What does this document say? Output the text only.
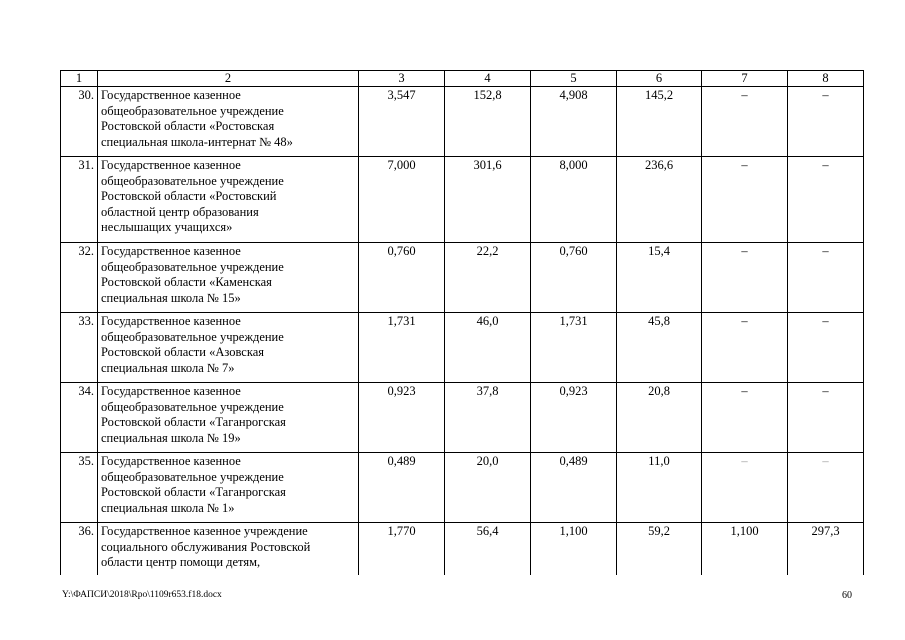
1	2	3	4	5	6	7	8
30.	Государственное казенное
общеобразовательное учреждение
Ростовской области «Ростовская
специальная школа-интернат № 48»	3,547	152,8	4,908	145,2	–	–
31.	Государственное казенное
общеобразовательное учреждение
Ростовской области «Ростовский
областной центр образования
неслышащих учащихся»	7,000	301,6	8,000	236,6	–	–
32.	Государственное казенное
общеобразовательное учреждение
Ростовской области «Каменская
специальная школа № 15»	0,760	22,2	0,760	15,4	–	–
33.	Государственное казенное
общеобразовательное учреждение
Ростовской области «Азовская
специальная школа № 7»	1,731	46,0	1,731	45,8	–	–
34.	Государственное казенное
общеобразовательное учреждение
Ростовской области «Таганрогская
специальная школа № 19»	0,923	37,8	0,923	20,8	–	–
35.	Государственное казенное
общеобразовательное учреждение
Ростовской области «Таганрогская
специальная школа № 1»	0,489	20,0	0,489	11,0	–	–
36.	Государственное казенное учреждение
социального обслуживания Ростовской
области центр помощи детям,	1,770	56,4	1,100	59,2	1,100	297,3
Y:\ФАПСИ\2018\Rpo\1109r653.f18.docx	60
